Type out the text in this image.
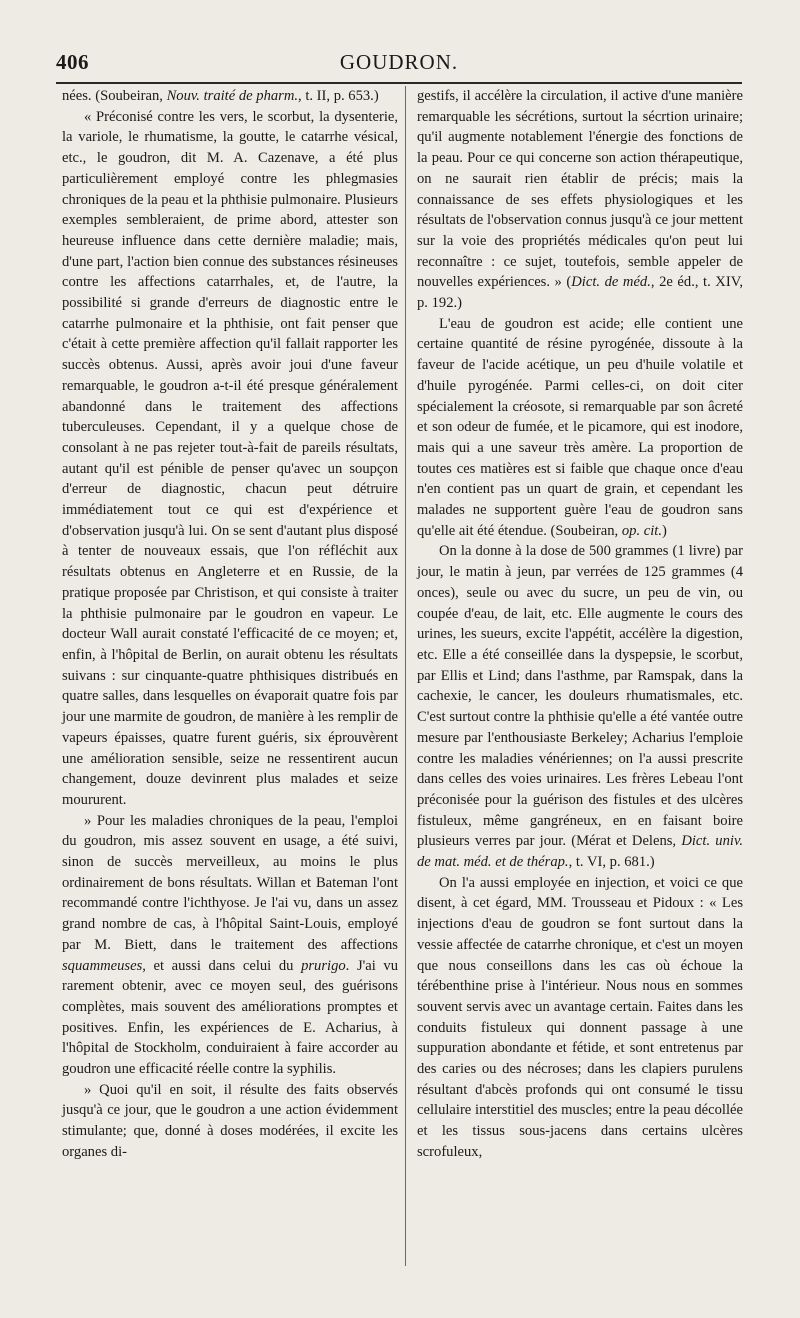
406	GOUDRON.

nées. (Soubeiran, Nouv. traité de pharm., t. II, p. 653.)

« Préconisé contre les vers, le scorbut, la dysenterie, la variole, le rhumatisme, la goutte, le catarrhe vésical, etc., le goudron, dit M. A. Cazenave, a été plus particulièrement employé contre les phlegmasies chroniques de la peau et la phthisie pulmonaire. Plusieurs exemples sembleraient, de prime abord, attester son heureuse influence dans cette dernière maladie; mais, d'une part, l'action bien connue des substances résineuses contre les affections catarrhales, et, de l'autre, la possibilité si grande d'erreurs de diagnostic entre le catarrhe pulmonaire et la phthisie, ont fait penser que c'était à cette première affection qu'il fallait rapporter les succès obtenus. Aussi, après avoir joui d'une faveur remarquable, le goudron a-t-il été presque généralement abandonné dans le traitement des affections tuberculeuses. Cependant, il y a quelque chose de consolant à ne pas rejeter tout-à-fait de pareils résultats, autant qu'il est pénible de penser qu'avec un soupçon d'erreur de diagnostic, chacun peut détruire immédiatement tout ce qui est d'expérience et d'observation jusqu'à lui. On se sent d'autant plus disposé à tenter de nouveaux essais, que l'on réfléchit aux résultats obtenus en Angleterre et en Russie, de la pratique proposée par Christison, et qui consiste à traiter la phthisie pulmonaire par le goudron en vapeur. Le docteur Wall aurait constaté l'efficacité de ce moyen; et, enfin, à l'hôpital de Berlin, on aurait obtenu les résultats suivans : sur cinquante-quatre phthisiques distribués en quatre salles, dans lesquelles on évaporait quatre fois par jour une marmite de goudron, de manière à les remplir de vapeurs épaisses, quatre furent guéris, six éprouvèrent une amélioration sensible, seize ne ressentirent aucun changement, douze devinrent plus malades et seize moururent.

» Pour les maladies chroniques de la peau, l'emploi du goudron, mis assez souvent en usage, a été suivi, sinon de succès merveilleux, au moins le plus ordinairement de bons résultats. Willan et Bateman l'ont recommandé contre l'ichthyose. Je l'ai vu, dans un assez grand nombre de cas, à l'hôpital Saint-Louis, employé par M. Biett, dans le traitement des affections squammeuses, et aussi dans celui du prurigo. J'ai vu rarement obtenir, avec ce moyen seul, des guérisons complètes, mais souvent des améliorations promptes et positives. Enfin, les expériences de E. Acharius, à l'hôpital de Stockholm, conduiraient à faire accorder au goudron une efficacité réelle contre la syphilis.

» Quoi qu'il en soit, il résulte des faits observés jusqu'à ce jour, que le goudron a une action évidemment stimulante; que, donné à doses modérées, il excite les organes di-

gestifs, il accélère la circulation, il active d'une manière remarquable les sécrétions, surtout la sécrtion urinaire; qu'il augmente notablement l'énergie des fonctions de la peau. Pour ce qui concerne son action thérapeutique, on ne saurait rien établir de précis; mais la connaissance de ses effets physiologiques et les résultats de l'observation connus jusqu'à ce jour mettent sur la voie des propriétés médicales qu'on peut lui reconnaître : ce sujet, toutefois, semble appeler de nouvelles expériences. » (Dict. de méd., 2e éd., t. XIV, p. 192.)

L'eau de goudron est acide; elle contient une certaine quantité de résine pyrogénée, dissoute à la faveur de l'acide acétique, un peu d'huile volatile et d'huile pyrogénée. Parmi celles-ci, on doit citer spécialement la créosote, si remarquable par son âcreté et son odeur de fumée, et le picamore, qui est inodore, mais qui a une saveur très amère. La proportion de toutes ces matières est si faible que chaque once d'eau n'en contient pas un quart de grain, et cependant les malades ne supportent guère l'eau de goudron sans qu'elle ait été étendue. (Soubeiran, op. cit.)

On la donne à la dose de 500 grammes (1 livre) par jour, le matin à jeun, par verrées de 125 grammes (4 onces), seule ou avec du sucre, un peu de vin, ou coupée d'eau, de lait, etc. Elle augmente le cours des urines, les sueurs, excite l'appétit, accélère la digestion, etc. Elle a été conseillée dans la dyspepsie, le scorbut, par Ellis et Lind; dans l'asthme, par Ramspak, dans la cachexie, le cancer, les douleurs rhumatismales, etc. C'est surtout contre la phthisie qu'elle a été vantée outre mesure par l'enthousiaste Berkeley; Acharius l'emploie contre les maladies vénériennes; on l'a aussi prescrite dans celles des voies urinaires. Les frères Lebeau l'ont préconisée pour la guérison des fistules et des ulcères fistuleux, même gangréneux, en en faisant boire plusieurs verres par jour. (Mérat et Delens, Dict. univ. de mat. méd. et de thérap., t. VI, p. 681.)

On l'a aussi employée en injection, et voici ce que disent, à cet égard, MM. Trousseau et Pidoux : « Les injections d'eau de goudron se font surtout dans la vessie affectée de catarrhe chronique, et c'est un moyen que nous conseillons dans les cas où échoue la térébenthine prise à l'intérieur. Nous nous en sommes souvent servis avec un avantage certain. Faites dans les conduits fistuleux qui donnent passage à une suppuration abondante et fétide, et sont entretenus par des caries ou des nécroses; dans les clapiers purulens résultant d'abcès profonds qui ont consumé le tissu cellulaire interstitiel des muscles; entre la peau décollée et les tissus sous-jacens dans certains ulcères scrofuleux,
